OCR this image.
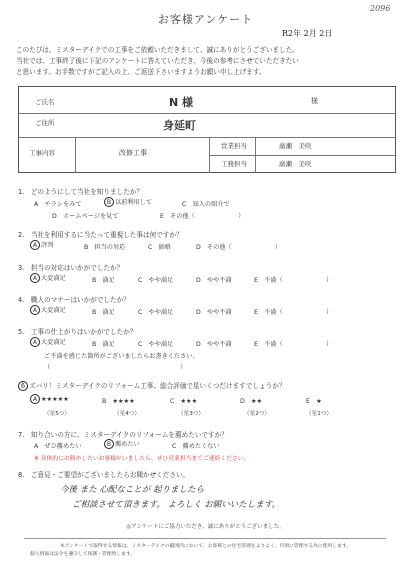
2096
お客様アンケート
R2年 2月 2日
このたびは、ミスターデイクでの工事をご依頼いただきまして、誠にありがとうございました。
当社では、工事終了後に下記のアンケートに答えていただき、今後の参考にさせていただきたい
と思います。お手数ですがご記入の上、ご返送下さいますようお願い申し上げます。
ご氏名	N 様	様
ご住所	身延町
工事内容	改修工事
営業担当	廣瀬　美咲
工務担当	廣瀬　美咲
1.　どのようにして当社を知りましたか？
A　チラシをみて	B 以前利用して	C　知人の紹介で
D　ホームページを見て	E　その他（　　　　　　　）
2.　当社を利用するに当たって重視した事は何ですか？
A 評判	B　担当の対応	C　価格	D　その他（　　　　　　　）
3.　担当の対応はいかがでしたか？
A 大変満足	B　満足	C　やや満足	D　やや不満	E　不満（　　　　　　　）
4.　職人のマナーはいかがでしたか？
A 大変満足	B　満足	C　やや満足	D　やや不満	E　不満（　　　　　　　）
5.　工事の仕上がりはいかがでしたか？
A 大変満足	B　満足	C　やや満足	D　やや不満	E　不満（　　　　　　　）
ご不満を感じた箇所がございましたらお書きください。
（　　　　　　　　　　　　　　　　　　　　　）
6 ズバリ！ミスターデイクのリフォーム工事、総合評価で星いくつだけますでしょうか？
A ★★★★★	B　★★★★	C　★★★	D　★★	E　★
（星5つ）	（星4つ）	（星3つ）	（星2つ）	（星1つ）
7.　知り合いの方に、ミスターデイクのリフォームを薦めたいですか？
A　ぜひ薦めたい	B 薦めたい	C　薦めたくない
※ 具体的にお薦めしたいお客様がいましたら、ぜひ営業担当までご連絡ください。
8.　ご意見・ご要望がございましたらお聞かせください。
今後 また 心配なことが 起りましたら
ご相談させて頂きます。 よろしく お願いいたします。
◎アンケートにご協力いただき、誠にありがとうございました。
本アンケートで取得する情報は、ミスターデイクの範囲内において、お客様との住宅管理をよりよく、円滑に管理する為に使用します。
個人情報は法令を遵守して保護・管理致します。
